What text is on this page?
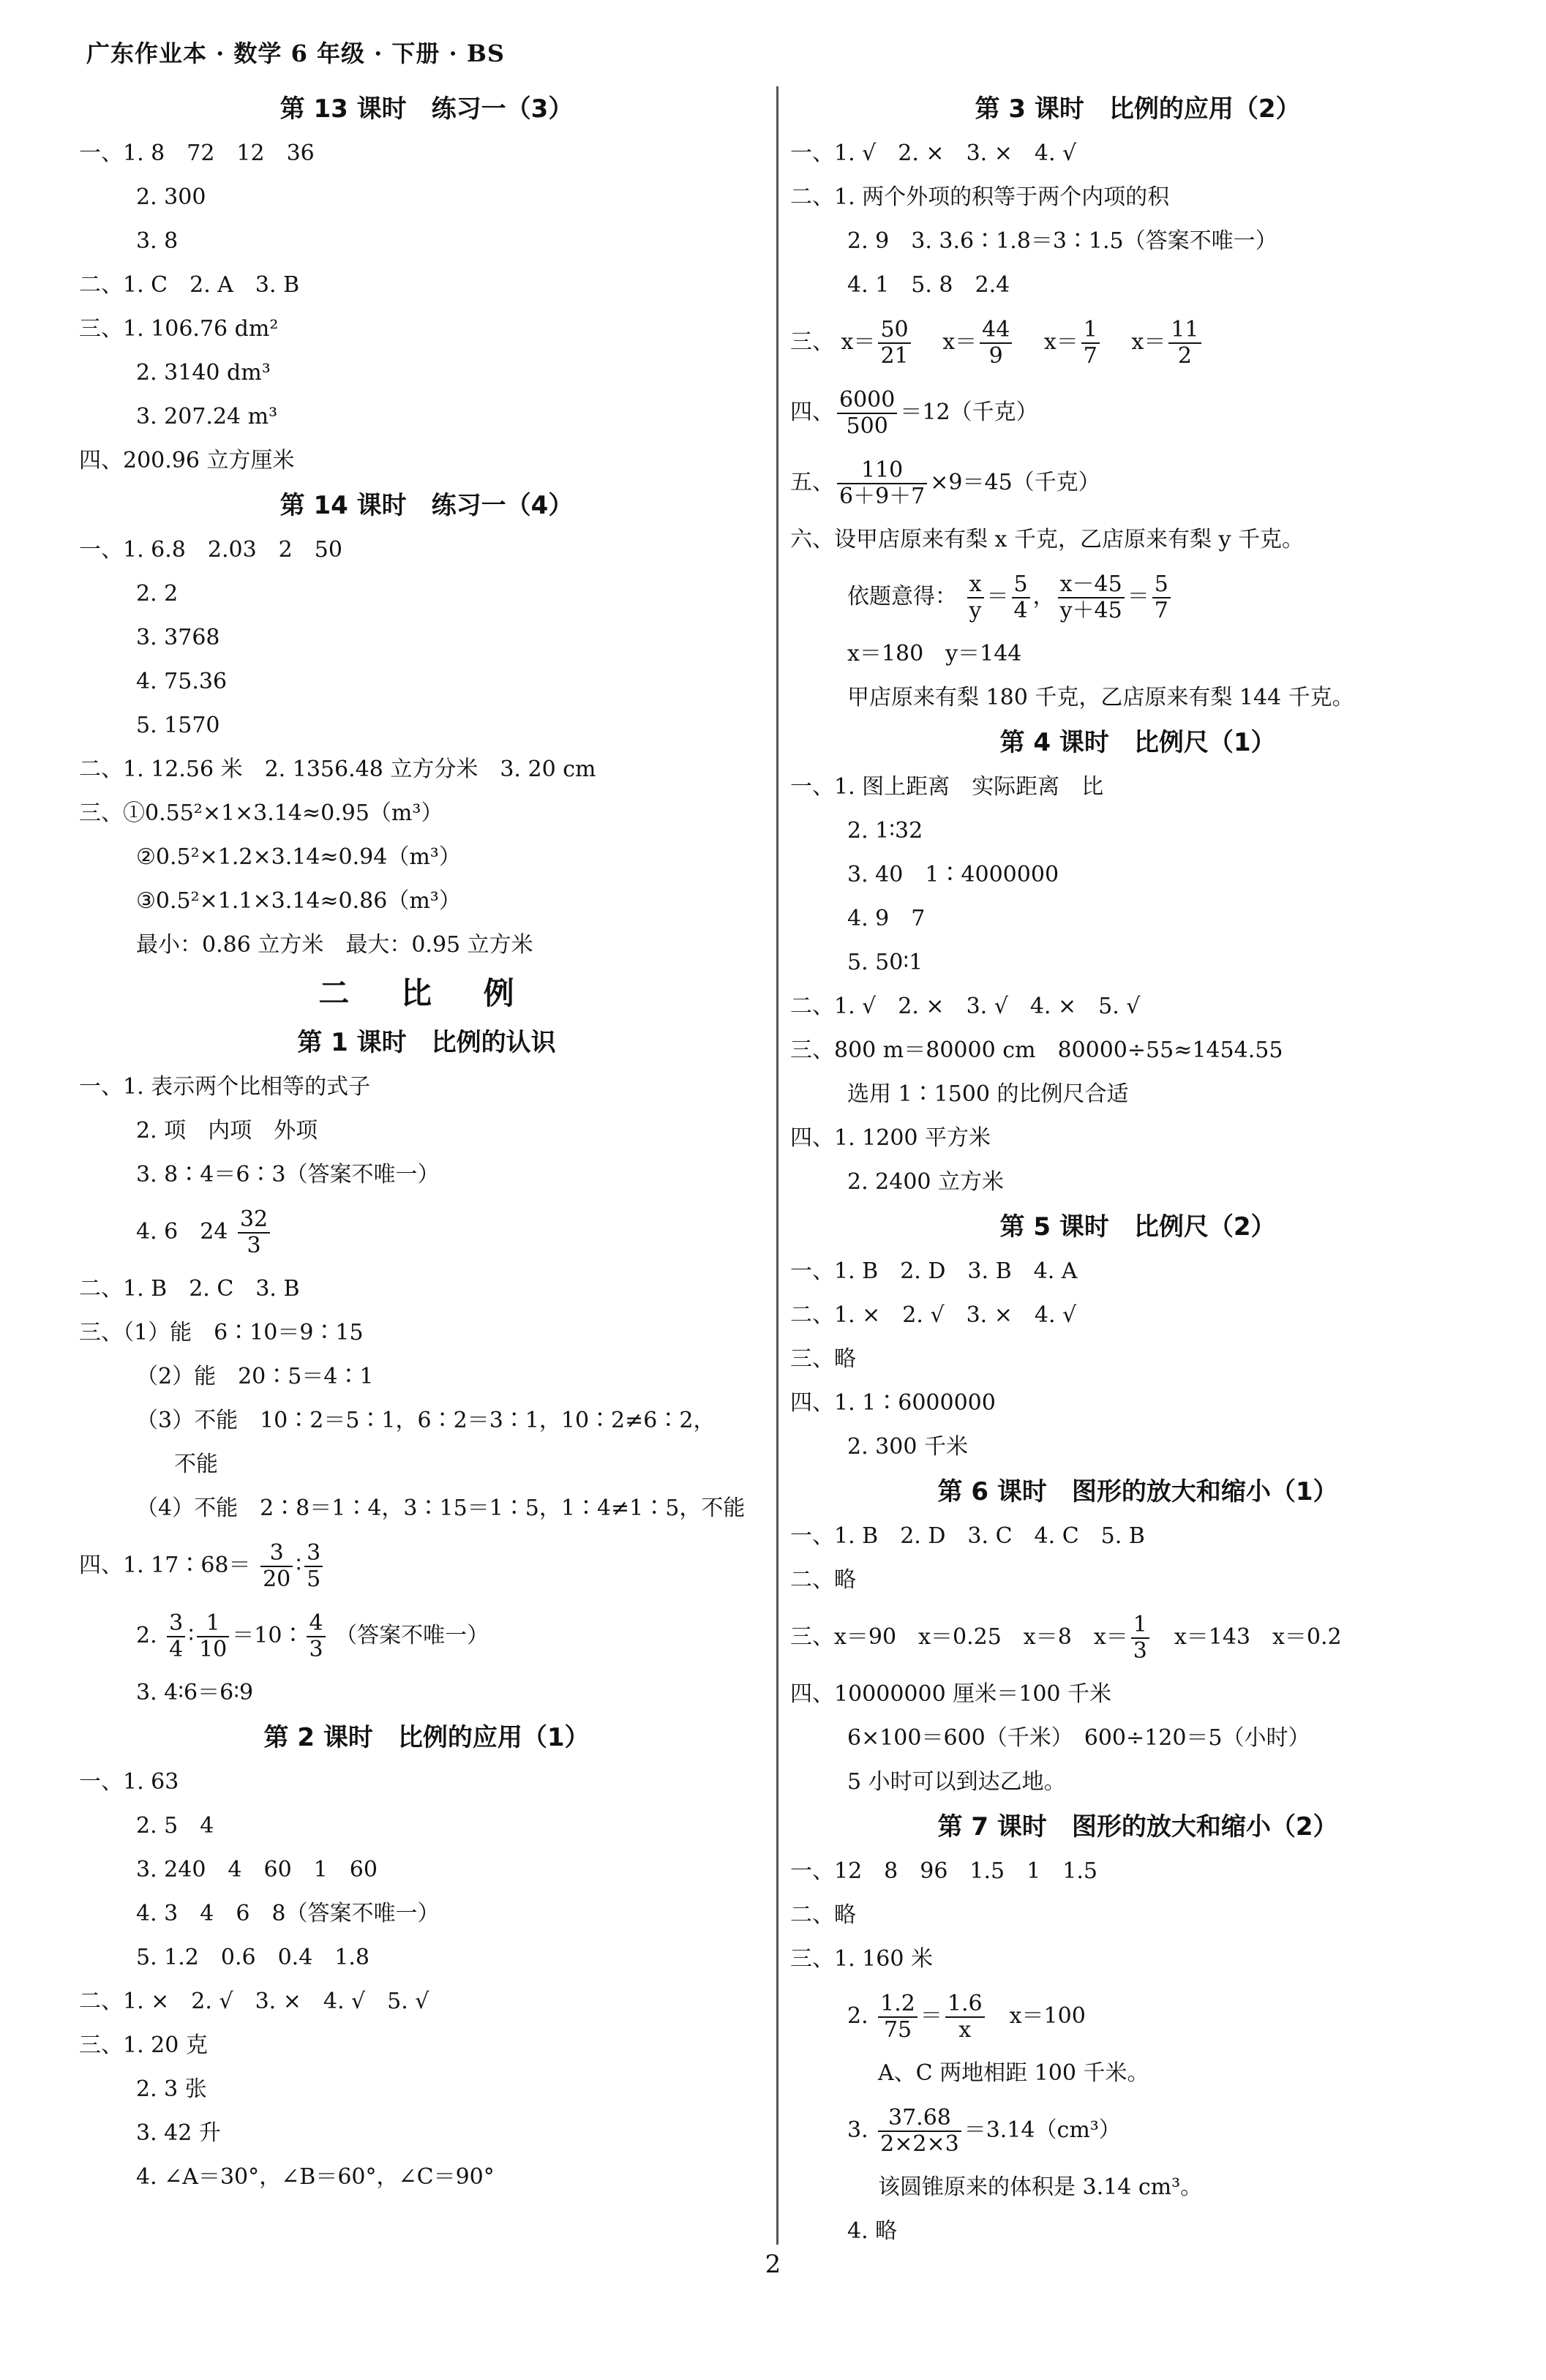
广东作业本 · 数学 6 年级 · 下册 · BS
第 13 课时　练习一（3）
一、1. 8　72　12　36
2. 300
3. 8
二、1. C　2. A　3. B
三、1. 106.76 dm²
2. 3140 dm³
3. 207.24 m³
四、200.96 立方厘米
第 14 课时　练习一（4）
一、1. 6.8　2.03　2　50
2. 2
3. 3768
4. 75.36
5. 1570
二、1. 12.56 米　2. 1356.48 立方分米　3. 20 cm
三、①0.55²×1×3.14≈0.95（m³）
②0.5²×1.2×3.14≈0.94（m³）
③0.5²×1.1×3.14≈0.86（m³）
最小：0.86 立方米　最大：0.95 立方米
二 比 例
第 1 课时　比例的认识
一、1. 表示两个比相等的式子
2. 项　内项　外项
3. 8∶4＝6∶3（答案不唯一）
4. 6　$24 \frac{32}{3}$
二、1. B　2. C　3. B
三、（1）能　6∶10＝9∶15
（2）能　20∶5＝4∶1
（3）不能　10∶2＝5∶1，6∶2＝3∶1，10∶2≠6∶2，
不能
（4）不能　2∶8＝1∶4，3∶15＝1∶5，1∶4≠1∶5，不能
四、1. 17∶68＝ $\frac{3}{20}$ ∶ $\frac{3}{5}$
2. $\frac{3}{4}$ ∶ $\frac{1}{10}$ ＝10∶ $\frac{4}{3}$ （答案不唯一）
3. 4∶6＝6∶9
第 2 课时　比例的应用（1）
一、1. 63
2. 5　4
3. 240　4　60　1　60
4. 3　4　6　8（答案不唯一）
5. 1.2　0.6　0.4　1.8
二、1. ×　2. √　3. ×　4. √　5. √
三、1. 20 克
2. 3 张
3. 42 升
4. ∠A＝30°，∠B＝60°，∠C＝90°
第 3 课时　比例的应用（2）
一、1. √　2. ×　3. ×　4. √
二、1. 两个外项的积等于两个内项的积
2. 9　3. 3.6∶1.8＝3∶1.5（答案不唯一）
4. 1　5. 8　2.4
三、 $x= \frac{50}{21} x= \frac{44}{9} x= \frac{1}{7} x= \frac{11}{2}$
四、 $\frac{6000}{500} =12$（千克）
五、 $\frac{110}{6+9+7} \times 9=45$（千克）
六、设甲店原来有梨 x 千克，乙店原来有梨 y 千克。
依题意得： $\frac{x}{y} = \frac{5}{4}$ ， $\frac{x-45}{y+45} = \frac{5}{7}$
x＝180　y＝144
甲店原来有梨 180 千克，乙店原来有梨 144 千克。
第 4 课时　比例尺（1）
一、1. 图上距离　实际距离　比
2. 1∶32
3. 40　1∶4000000
4. 9　7
5. 50∶1
二、1. √　2. ×　3. √　4. ×　5. √
三、800 m＝80000 cm　80000÷55≈1454.55
选用 1∶1500 的比例尺合适
四、1. 1200 平方米
2. 2400 立方米
第 5 课时　比例尺（2）
一、1. B　2. D　3. B　4. A
二、1. ×　2. √　3. ×　4. √
三、略
四、1. 1∶6000000
2. 300 千米
第 6 课时　图形的放大和缩小（1）
一、1. B　2. D　3. C　4. C　5. B
二、略
三、x＝90　x＝0.25　x＝8　$x= \frac{1}{3} x=143$　x＝0.2
四、10000000 厘米＝100 千米
6×100＝600（千米）　600÷120＝5（小时）
5 小时可以到达乙地。
第 7 课时　图形的放大和缩小（2）
一、12　8　96　1.5　1　1.5
二、略
三、1. 160 米
2. $\frac{1.2}{75} = \frac{1.6}{x} x=100$
A、C 两地相距 100 千米。
3. $\frac{37.68}{2\times 2\times 3} =3.14(cm^3)$
该圆锥原来的体积是 3.14 cm³。
4. 略
2
